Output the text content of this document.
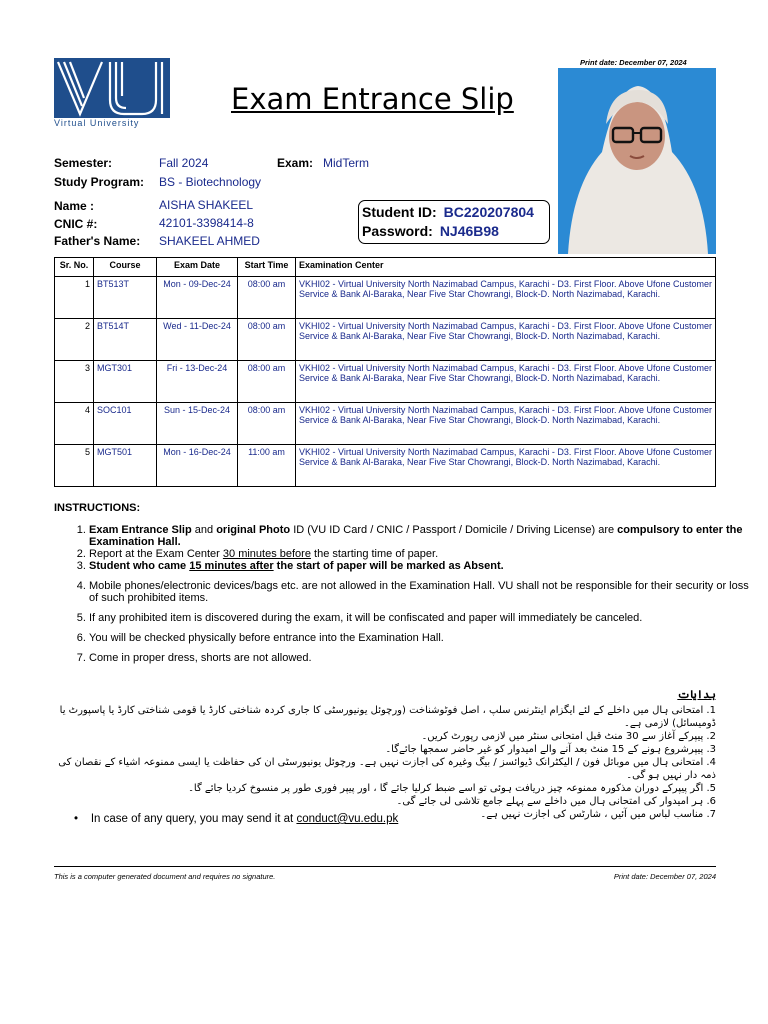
Print date: December 07, 2024
Virtual University
Exam Entrance Slip
Semester:	Fall 2024	Exam: MidTerm
Study Program: BS - Biotechnology
Name :	AISHA SHAKEEL
CNIC #:	42101-3398414-8
Father's Name: SHAKEEL AHMED
Student ID: BC220207804
Password: NJ46B98
Sr. No.	Course	Exam Date	Start Time	Examination Center
1	BT513T	Mon - 09-Dec-24	08:00 am	VKHI02 - Virtual University North Nazimabad Campus, Karachi - D3. First Floor. Above Ufone Customer Service & Bank Al-Baraka, Near Five Star Chowrangi, Block-D. North Nazimabad, Karachi.
2	BT514T	Wed - 11-Dec-24	08:00 am	VKHI02 - Virtual University North Nazimabad Campus, Karachi - D3. First Floor. Above Ufone Customer Service & Bank Al-Baraka, Near Five Star Chowrangi, Block-D. North Nazimabad, Karachi.
3	MGT301	Fri - 13-Dec-24	08:00 am	VKHI02 - Virtual University North Nazimabad Campus, Karachi - D3. First Floor. Above Ufone Customer Service & Bank Al-Baraka, Near Five Star Chowrangi, Block-D. North Nazimabad, Karachi.
4	SOC101	Sun - 15-Dec-24	08:00 am	VKHI02 - Virtual University North Nazimabad Campus, Karachi - D3. First Floor. Above Ufone Customer Service & Bank Al-Baraka, Near Five Star Chowrangi, Block-D. North Nazimabad, Karachi.
5	MGT501	Mon - 16-Dec-24	11:00 am	VKHI02 - Virtual University North Nazimabad Campus, Karachi - D3. First Floor. Above Ufone Customer Service & Bank Al-Baraka, Near Five Star Chowrangi, Block-D. North Nazimabad, Karachi.
INSTRUCTIONS:
1. Exam Entrance Slip and original Photo ID (VU ID Card / CNIC / Passport / Domicile / Driving License) are compulsory to enter the Examination Hall.
2. Report at the Exam Center 30 minutes before the starting time of paper.
3. Student who came 15 minutes after the start of paper will be marked as Absent.
4. Mobile phones/electronic devices/bags etc. are not allowed in the Examination Hall. VU shall not be responsible for their security or loss of such prohibited items.
5. If any prohibited item is discovered during the exam, it will be confiscated and paper will immediately be canceled.
6. You will be checked physically before entrance into the Examination Hall.
7. Come in proper dress, shorts are not allowed.
ہدایات
1. امتحانی ہال میں داخلے کے لئے ایگزام اینٹرنس سلپ ، اصل فوٹوشناخت (ورچوئل یونیورسٹی کا جاری کردہ شناختی کارڈ یا قومی شناختی کارڈ یا پاسپورٹ یا ڈومیسائل) لازمی ہے۔
2. پیپرکے آغاز سے 30 منٹ قبل امتحانی سنٹر میں لازمی رپورٹ کریں۔
3. پیپرشروع ہونے کے 15 منٹ بعد آنے والے امیدوار کو غیر حاضر سمجھا جائےگا۔
4. امتحانی ہال میں موبائل فون / الیکٹرانک ڈیوائسز / بیگ وغیرہ کی اجازت نہیں ہے۔ ورچوئل یونیورسٹی ان کی حفاظت یا ایسی ممنوعہ اشیاء کے نقصان کی ذمہ دار نہیں ہو گی۔
5. اگر پیپرکے دوران مذکورہ ممنوعہ چیز دریافت ہوئی تو اسے ضبط کرلیا جائے گا ، اور پیپر فوری طور پر منسوخ کردیا جائے گا۔
6. ہر امیدوار کی امتحانی ہال میں داخلے سے پہلے جامع تلاشی لی جائے گی۔
7. مناسب لباس میں آئیں ، شارٹس کی اجازت نہیں ہے۔
•    In case of any query, you may send it at conduct@vu.edu.pk
This is a computer generated document and requires no signature.	Print date: December 07, 2024
